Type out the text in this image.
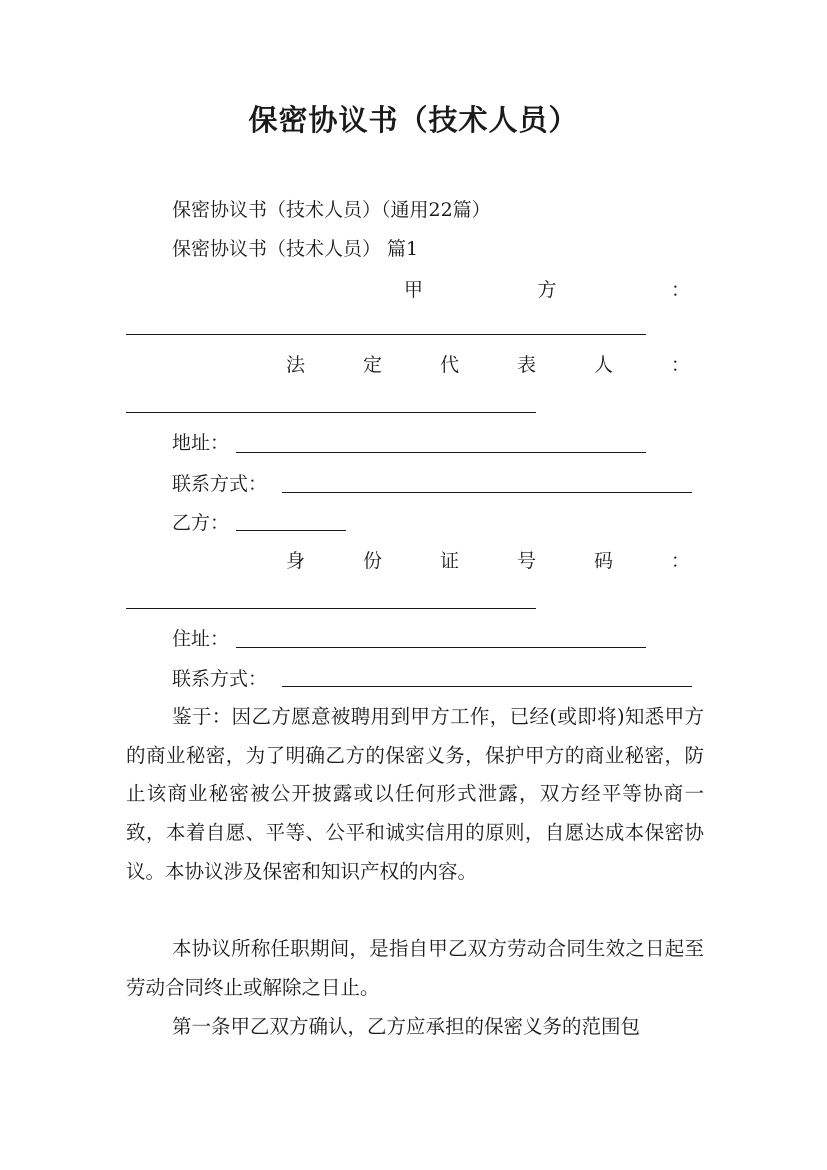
保密协议书（技术人员）
保密协议书（技术人员）（通用22篇）
保密协议书（技术人员） 篇1
甲	方	：
法	定	代	表	人	：
地址：
联系方式：
乙方：
身	份	证	号	码	：
住址：
联系方式：
鉴于：因乙方愿意被聘用到甲方工作，已经(或即将)知悉甲方的商业秘密，为了明确乙方的保密义务，保护甲方的商业秘密，防止该商业秘密被公开披露或以任何形式泄露，双方经平等协商一致，本着自愿、平等、公平和诚实信用的原则，自愿达成本保密协议。本协议涉及保密和知识产权的内容。
本协议所称任职期间，是指自甲乙双方劳动合同生效之日起至劳动合同终止或解除之日止。
第一条甲乙双方确认，乙方应承担的保密义务的范围包
